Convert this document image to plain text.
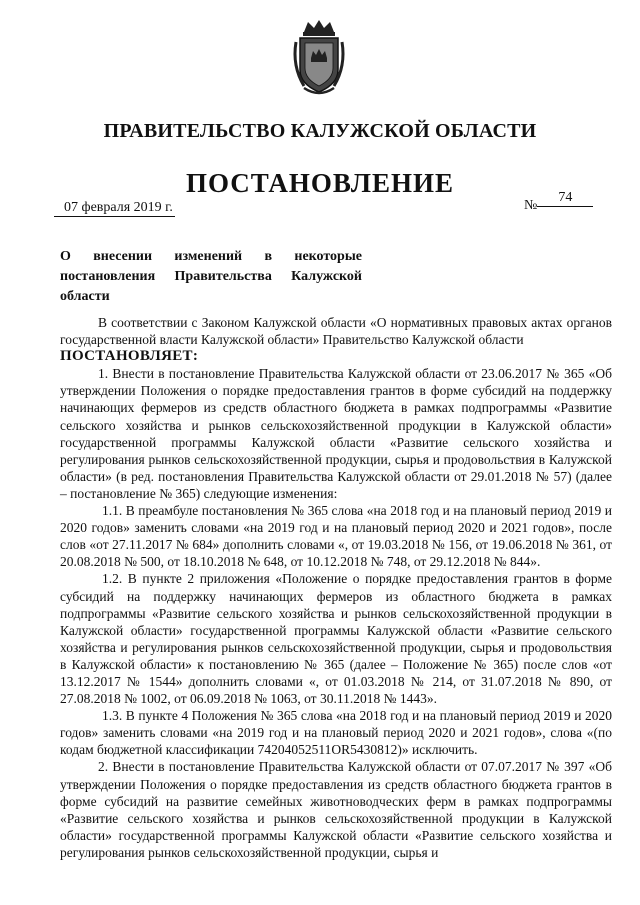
ПРАВИТЕЛЬСТВО КАЛУЖСКОЙ ОБЛАСТИ
ПОСТАНОВЛЕНИЕ
07 февраля 2019 г.	№74
О внесении изменений в некоторые
постановления Правительства Калужской
области

В соответствии с Законом Калужской области «О нормативных правовых актах органов государственной власти Калужской области» Правительство Калужской области

ПОСТАНОВЛЯЕТ:

1. Внести в постановление Правительства Калужской области от 23.06.2017 № 365 «Об утверждении Положения о порядке предоставления грантов в форме субсидий на поддержку начинающих фермеров из средств областного бюджета в рамках подпрограммы «Развитие сельского хозяйства и рынков сельскохозяйственной продукции в Калужской области» государственной программы Калужской области «Развитие сельского хозяйства и регулирования рынков сельскохозяйственной продукции, сырья и продовольствия в Калужской области» (в ред. постановления Правительства Калужской области от 29.01.2018 № 57) (далее – постановление № 365) следующие изменения:

1.1. В преамбуле постановления № 365 слова «на 2018 год и на плановый период 2019 и 2020 годов» заменить словами «на 2019 год и на плановый период 2020 и 2021 годов», после слов «от 27.11.2017 № 684» дополнить словами «, от 19.03.2018 № 156, от 19.06.2018 № 361, от 20.08.2018 № 500, от 18.10.2018 № 648, от 10.12.2018 № 748, от 29.12.2018 № 844».

1.2. В пункте 2 приложения «Положение о порядке предоставления грантов в форме субсидий на поддержку начинающих фермеров из областного бюджета в рамках подпрограммы «Развитие сельского хозяйства и рынков сельскохозяйственной продукции в Калужской области» государственной программы Калужской области «Развитие сельского хозяйства и регулирования рынков сельскохозяйственной продукции, сырья и продовольствия в Калужской области» к постановлению № 365 (далее – Положение № 365) после слов «от 13.12.2017 № 1544» дополнить словами «, от 01.03.2018 № 214, от 31.07.2018 № 890, от 27.08.2018 № 1002, от 06.09.2018 № 1063, от 30.11.2018 № 1443».

1.3. В пункте 4 Положения № 365 слова «на 2018 год и на плановый период 2019 и 2020 годов» заменить словами «на 2019 год и на плановый период 2020 и 2021 годов», слова «(по кодам бюджетной классификации 74204052511OR5430812)» исключить.

2. Внести в постановление Правительства Калужской области от 07.07.2017 № 397 «Об утверждении Положения о порядке предоставления из средств областного бюджета грантов в форме субсидий на развитие семейных животноводческих ферм в рамках подпрограммы «Развитие сельского хозяйства и рынков сельскохозяйственной продукции в Калужской области» государственной программы Калужской области «Развитие сельского хозяйства и регулирования рынков сельскохозяйственной продукции, сырья и
